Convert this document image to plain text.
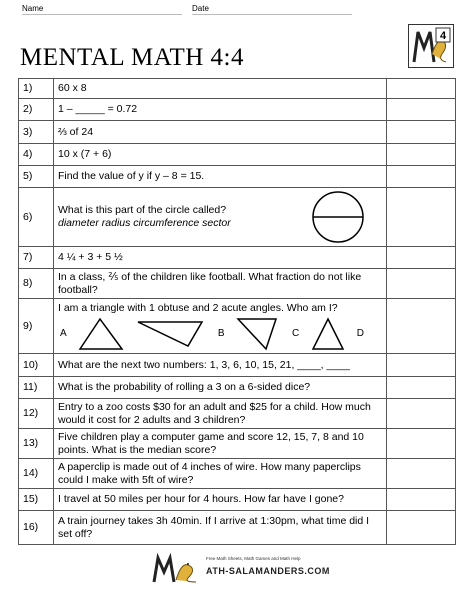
Name	Date
MENTAL MATH 4:4
4
1)	60 x 8	
2)	1 – _____ = 0.72	
3)	⅔ of 24	
4)	10 x (7 + 6)	
5)	Find the value of y if y – 8 = 15.	
6)	What is this part of the circle called?
diameter radius circumference sector	

7)	4 ¼ + 3 + 5 ½	
8)	In a class, ⅖ of the children like football. What fraction do not like football?	
9)	I am a triangle with 1 obtuse and 2 acute angles. Who am I?
A B C D	

10)	What are the next two numbers: 1, 3, 6, 10, 15, 21, ____, ____	
11)	What is the probability of rolling a 3 on a 6-sided dice?	
12)	Entry to a zoo costs $30 for an adult and $25 for a child. How much would it cost for 2 adults and 3 children?	
13)	Five children play a computer game and score 12, 15, 7, 8 and 10 points. What is the median score?	
14)	A paperclip is made out of 4 inches of wire. How many paperclips could I make with 5ft of wire?	
15)	I travel at 50 miles per hour for 4 hours. How far have I gone?	
16)	A train journey takes 3h 40min. If I arrive at 1:30pm, what time did I set off?	
Free Math Sheets, Math Games and Math Help
ATH-SALAMANDERS.COM
